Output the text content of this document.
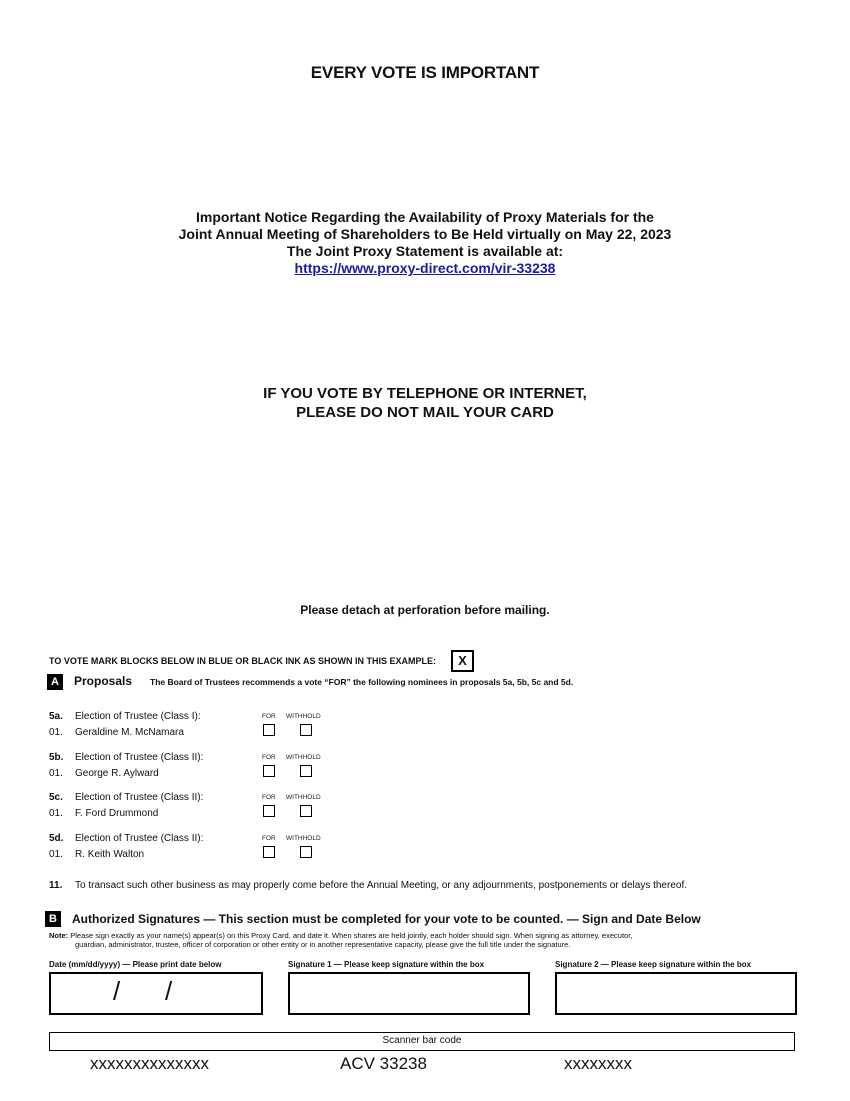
EVERY VOTE IS IMPORTANT
Important Notice Regarding the Availability of Proxy Materials for the
Joint Annual Meeting of Shareholders to Be Held virtually on May 22, 2023
The Joint Proxy Statement is available at:
https://www.proxy-direct.com/vir-33238
IF YOU VOTE BY TELEPHONE OR INTERNET,
PLEASE DO NOT MAIL YOUR CARD
Please detach at perforation before mailing.
TO VOTE MARK BLOCKS BELOW IN BLUE OR BLACK INK AS SHOWN IN THIS EXAMPLE:	X
A	Proposals The Board of Trustees recommends a vote “FOR” the following nominees in proposals 5a, 5b, 5c and 5d.
5a. Election of Trustee (Class I):
01. Geraldine M. McNamara
FOR WITHHOLD
5b. Election of Trustee (Class II):
01. George R. Aylward
FOR WITHHOLD
5c. Election of Trustee (Class II):
01. F. Ford Drummond
FOR WITHHOLD
5d. Election of Trustee (Class II):
01. R. Keith Walton
FOR WITHHOLD
11. To transact such other business as may properly come before the Annual Meeting, or any adjournments, postponements or delays thereof.
B	Authorized Signatures — This section must be completed for your vote to be counted. — Sign and Date Below
Note: Please sign exactly as your name(s) appear(s) on this Proxy Card, and date it. When shares are held jointly, each holder should sign. When signing as attorney, executor,
guardian, administrator, trustee, officer of corporation or other entity or in another representative capacity, please give the full title under the signature.
Date (mm/dd/yyyy) — Please print date below	Signature 1 — Please keep signature within the box	Signature 2 — Please keep signature within the box
/ /
Scanner bar code
xxxxxxxxxxxxxx	ACV 33238	xxxxxxxx
